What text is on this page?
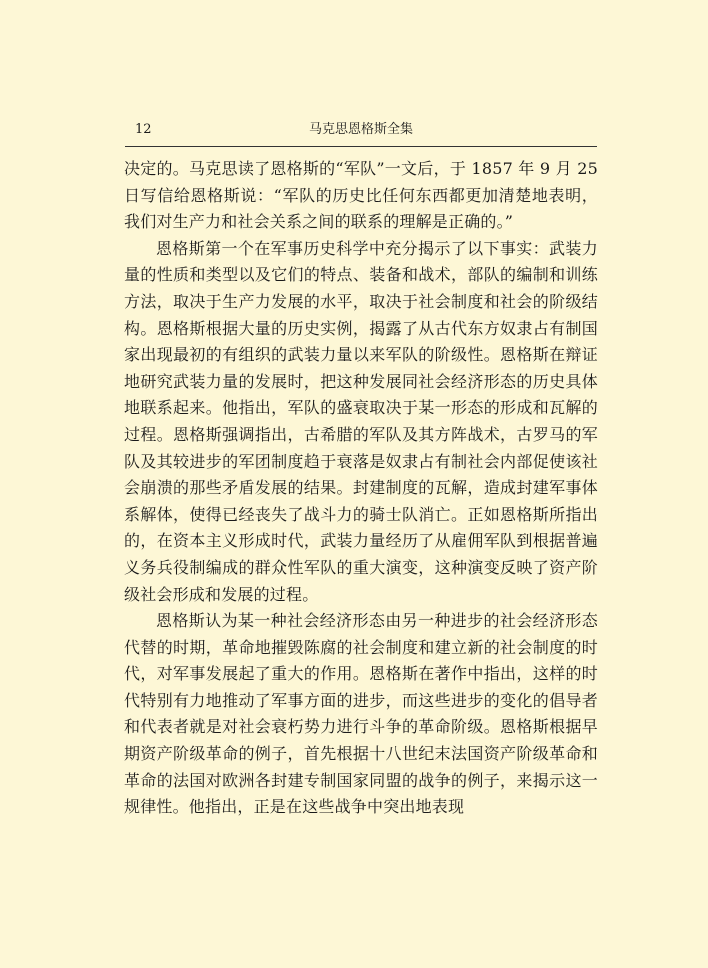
12	马克思恩格斯全集

决定的。马克思读了恩格斯的“军队”一文后，于 1857 年 9 月 25 日写信给恩格斯说：“军队的历史比任何东西都更加清楚地表明，我们对生产力和社会关系之间的联系的理解是正确的。”

恩格斯第一个在军事历史科学中充分揭示了以下事实：武装力量的性质和类型以及它们的特点、装备和战术，部队的编制和训练方法，取决于生产力发展的水平，取决于社会制度和社会的阶级结构。恩格斯根据大量的历史实例，揭露了从古代东方奴隶占有制国家出现最初的有组织的武装力量以来军队的阶级性。恩格斯在辩证地研究武装力量的发展时，把这种发展同社会经济形态的历史具体地联系起来。他指出，军队的盛衰取决于某一形态的形成和瓦解的过程。恩格斯强调指出，古希腊的军队及其方阵战术，古罗马的军队及其较进步的军团制度趋于衰落是奴隶占有制社会内部促使该社会崩溃的那些矛盾发展的结果。封建制度的瓦解，造成封建军事体系解体，使得已经丧失了战斗力的骑士队消亡。正如恩格斯所指出的，在资本主义形成时代，武装力量经历了从雇佣军队到根据普遍义务兵役制编成的群众性军队的重大演变，这种演变反映了资产阶级社会形成和发展的过程。

恩格斯认为某一种社会经济形态由另一种进步的社会经济形态代替的时期，革命地摧毁陈腐的社会制度和建立新的社会制度的时代，对军事发展起了重大的作用。恩格斯在著作中指出，这样的时代特别有力地推动了军事方面的进步，而这些进步的变化的倡导者和代表者就是对社会衰朽势力进行斗争的革命阶级。恩格斯根据早期资产阶级革命的例子，首先根据十八世纪末法国资产阶级革命和革命的法国对欧洲各封建专制国家同盟的战争的例子，来揭示这一规律性。他指出，正是在这些战争中突出地表现
